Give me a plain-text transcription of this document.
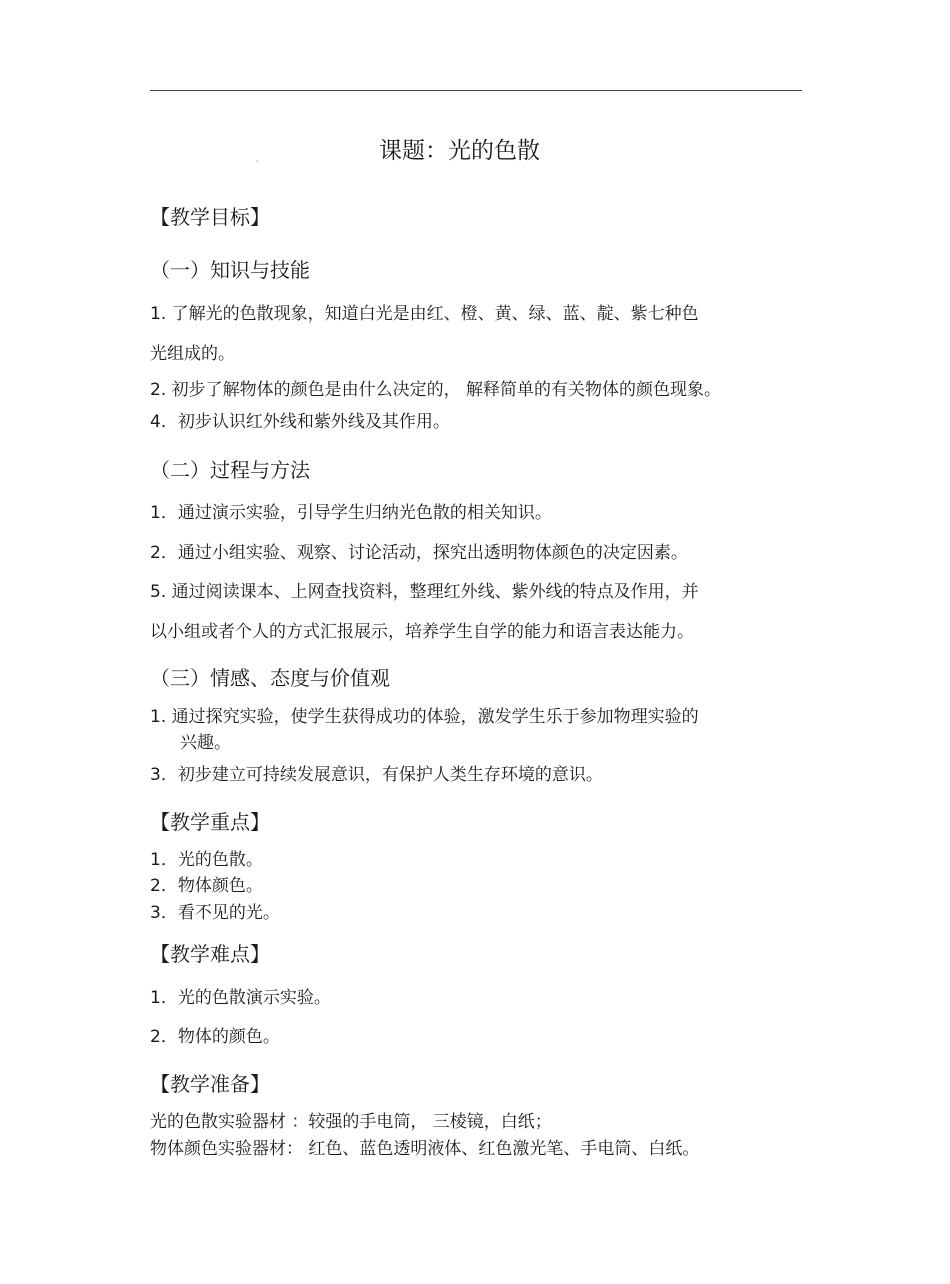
课题：光的色散
【教学目标】
（一）知识与技能
1. 了解光的色散现象，知道白光是由红、橙、黄、绿、蓝、靛、紫七种色
光组成的。
2. 初步了解物体的颜色是由什么决定的， 解释简单的有关物体的颜色现象。
4．初步认识红外线和紫外线及其作用。
（二）过程与方法
1．通过演示实验，引导学生归纳光色散的相关知识。
2．通过小组实验、观察、讨论活动，探究出透明物体颜色的决定因素。
5. 通过阅读课本、上网查找资料，整理红外线、紫外线的特点及作用，并
以小组或者个人的方式汇报展示，培养学生自学的能力和语言表达能力。
（三）情感、态度与价值观
1. 通过探究实验，使学生获得成功的体验，激发学生乐于参加物理实验的
兴趣。
3．初步建立可持续发展意识，有保护人类生存环境的意识。
【教学重点】
1．光的色散。
2．物体颜色。
3．看不见的光。
【教学难点】
1．光的色散演示实验。
2．物体的颜色。
【教学准备】
光的色散实验器材 ：较强的手电筒， 三棱镜，白纸；
物体颜色实验器材： 红色、蓝色透明液体、红色激光笔、手电筒、白纸。
